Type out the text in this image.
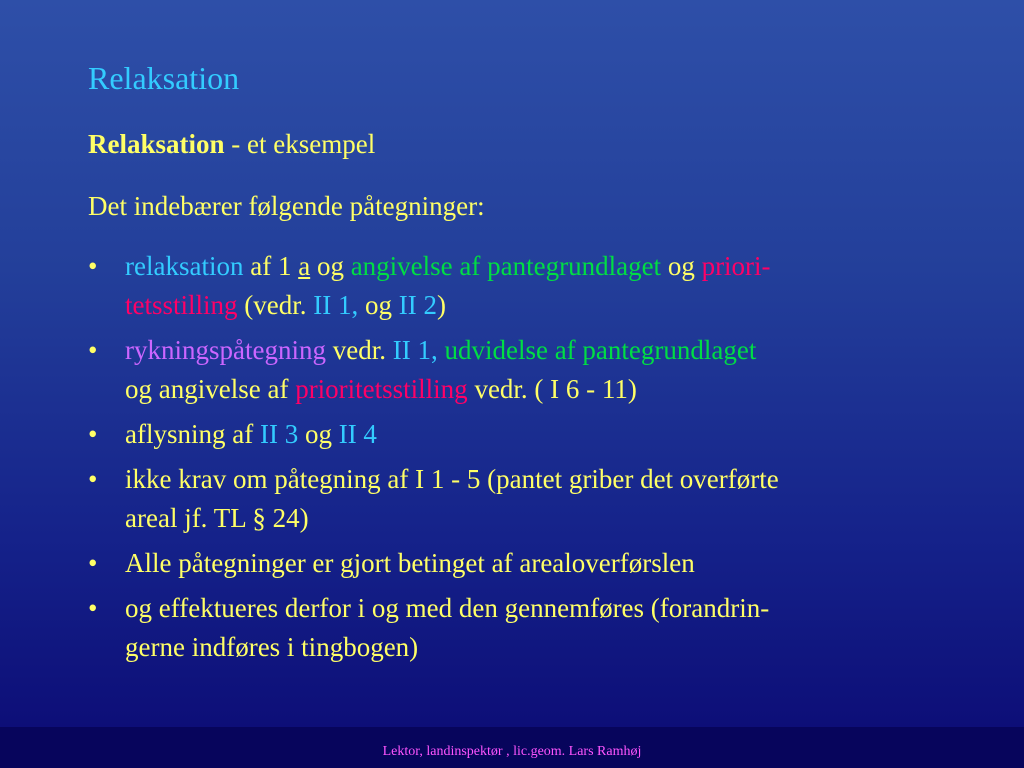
Relaksation
Relaksation - et eksempel
Det indebærer følgende påtegninger:
• relaksation af 1 a og angivelse af pantegrundlaget og priori-
tetsstilling (vedr. II 1, og II 2)
• rykningspåtegning vedr. II 1, udvidelse af pantegrundlaget
og angivelse af prioritetsstilling vedr. ( I 6 - 11)
• aflysning af II 3 og II 4
• ikke krav om påtegning af I 1 - 5 (pantet griber det overførte
areal jf. TL § 24)
• Alle påtegninger er gjort betinget af arealoverførslen
• og effektueres derfor i og med den gennemføres (forandrin-
gerne indføres i tingbogen)
Lektor, landinspektør , lic.geom. Lars Ramhøj
